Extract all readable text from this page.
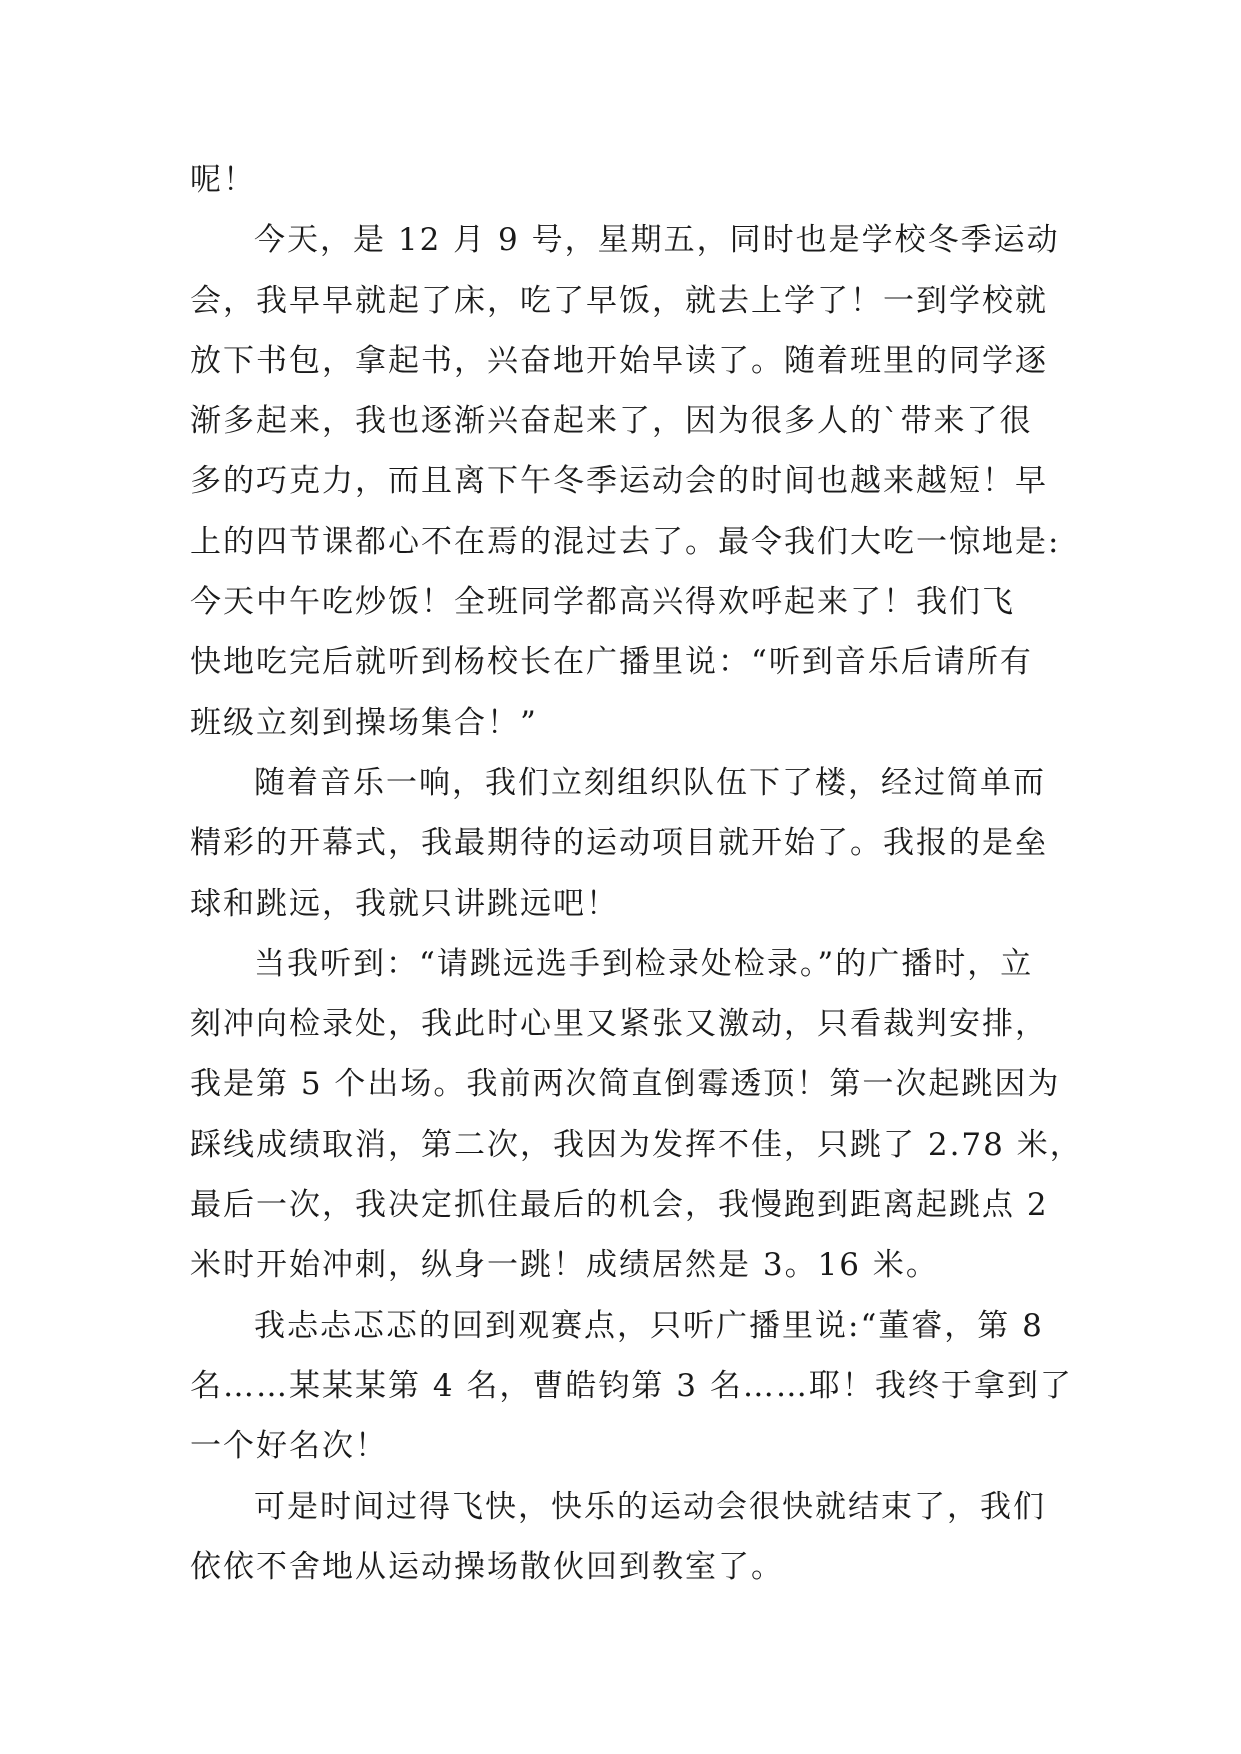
呢！
今天，是 12 月 9 号，星期五，同时也是学校冬季运动
会，我早早就起了床，吃了早饭，就去上学了！一到学校就
放下书包，拿起书，兴奋地开始早读了。随着班里的同学逐
渐多起来，我也逐渐兴奋起来了，因为很多人的`带来了很
多的巧克力，而且离下午冬季运动会的时间也越来越短！早
上的四节课都心不在焉的混过去了。最令我们大吃一惊地是:
今天中午吃炒饭！全班同学都高兴得欢呼起来了！我们飞
快地吃完后就听到杨校长在广播里说：“听到音乐后请所有
班级立刻到操场集合！”
随着音乐一响，我们立刻组织队伍下了楼，经过简单而
精彩的开幕式，我最期待的运动项目就开始了。我报的是垒
球和跳远，我就只讲跳远吧！
当我听到：“请跳远选手到检录处检录。”的广播时，立
刻冲向检录处，我此时心里又紧张又激动，只看裁判安排，
我是第 5 个出场。我前两次简直倒霉透顶！第一次起跳因为
踩线成绩取消，第二次，我因为发挥不佳，只跳了 2.78 米，
最后一次，我决定抓住最后的机会，我慢跑到距离起跳点 2
米时开始冲刺，纵身一跳！成绩居然是 3。16 米。
我忐忐忑忑的回到观赛点，只听广播里说:“董睿，第 8
名……某某某第 4 名，曹皓钧第 3 名……耶！我终于拿到了
一个好名次！
可是时间过得飞快，快乐的运动会很快就结束了，我们
依依不舍地从运动操场散伙回到教室了。
